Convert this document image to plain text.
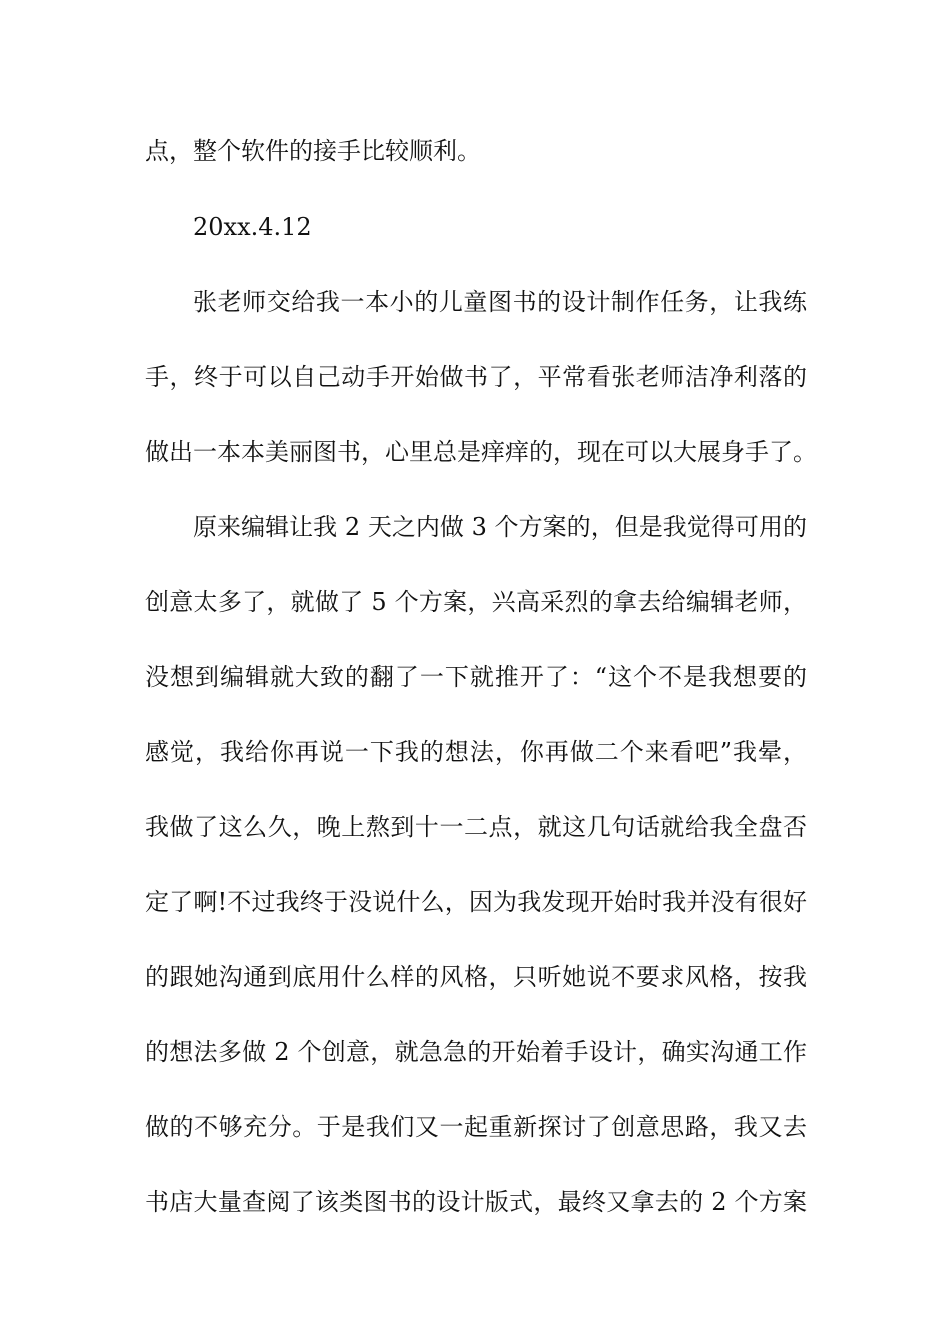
点，整个软件的接手比较顺利。
20xx.4.12
张老师交给我一本小的儿童图书的设计制作任务，让我练
手，终于可以自己动手开始做书了，平常看张老师洁净利落的
做出一本本美丽图书，心里总是痒痒的，现在可以大展身手了。
原来编辑让我 2 天之内做 3 个方案的，但是我觉得可用的
创意太多了，就做了 5 个方案，兴高采烈的拿去给编辑老师，
没想到编辑就大致的翻了一下就推开了：“这个不是我想要的
感觉，我给你再说一下我的想法，你再做二个来看吧”我晕，
我做了这么久，晚上熬到十一二点，就这几句话就给我全盘否
定了啊!不过我终于没说什么，因为我发现开始时我并没有很好
的跟她沟通到底用什么样的风格，只听她说不要求风格，按我
的想法多做 2 个创意，就急急的开始着手设计，确实沟通工作
做的不够充分。于是我们又一起重新探讨了创意思路，我又去
书店大量查阅了该类图书的设计版式，最终又拿去的 2 个方案
